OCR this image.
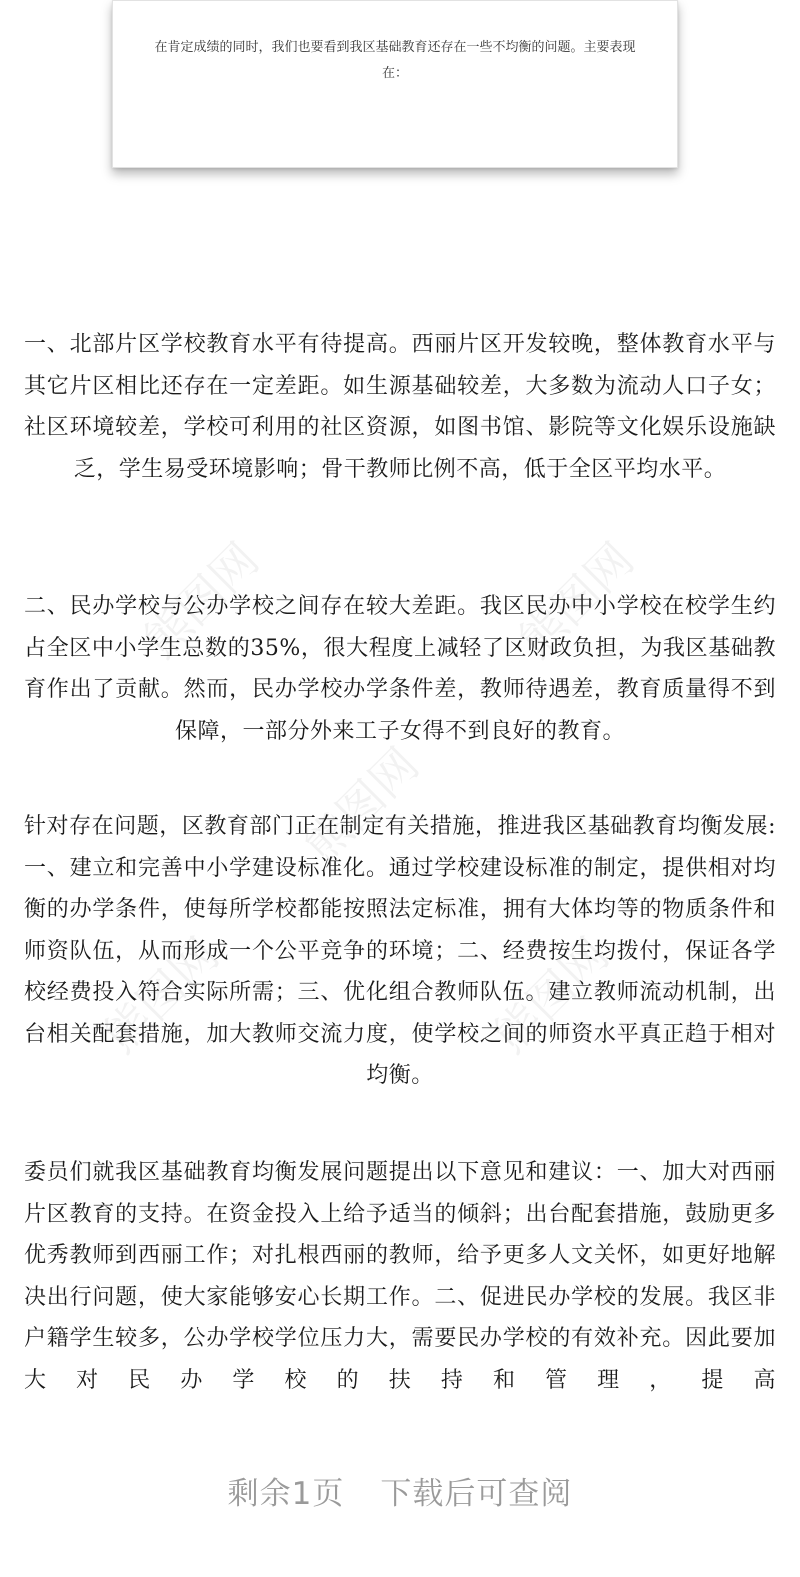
在肯定成绩的同时，我们也要看到我区基础教育还存在一些不均衡的问题。主要表现在：
熊图网	熊图网
熊图网
熊图网	熊图网

一、北部片区学校教育水平有待提高。西丽片区开发较晚，整体教育水平与其它片区相比还存在一定差距。如生源基础较差，大多数为流动人口子女；社区环境较差，学校可利用的社区资源，如图书馆、影院等文化娱乐设施缺乏，学生易受环境影响；骨干教师比例不高，低于全区平均水平。

二、民办学校与公办学校之间存在较大差距。我区民办中小学校在校学生约占全区中小学生总数的35%，很大程度上减轻了区财政负担，为我区基础教育作出了贡献。然而，民办学校办学条件差，教师待遇差，教育质量得不到保障，一部分外来工子女得不到良好的教育。

针对存在问题，区教育部门正在制定有关措施，推进我区基础教育均衡发展:一、建立和完善中小学建设标准化。通过学校建设标准的制定，提供相对均衡的办学条件，使每所学校都能按照法定标准，拥有大体均等的物质条件和师资队伍，从而形成一个公平竞争的环境；二、经费按生均拨付，保证各学校经费投入符合实际所需；三、优化组合教师队伍。建立教师流动机制，出台相关配套措施，加大教师交流力度，使学校之间的师资水平真正趋于相对均衡。

委员们就我区基础教育均衡发展问题提出以下意见和建议：一、加大对西丽片区教育的支持。在资金投入上给予适当的倾斜；出台配套措施，鼓励更多优秀教师到西丽工作；对扎根西丽的教师，给予更多人文关怀，如更好地解决出行问题，使大家能够安心长期工作。二、促进民办学校的发展。我区非户籍学生较多，公办学校学位压力大，需要民办学校的有效补充。因此要加大对民办学校的扶持和管理，提高

剩余1页 下载后可查阅
